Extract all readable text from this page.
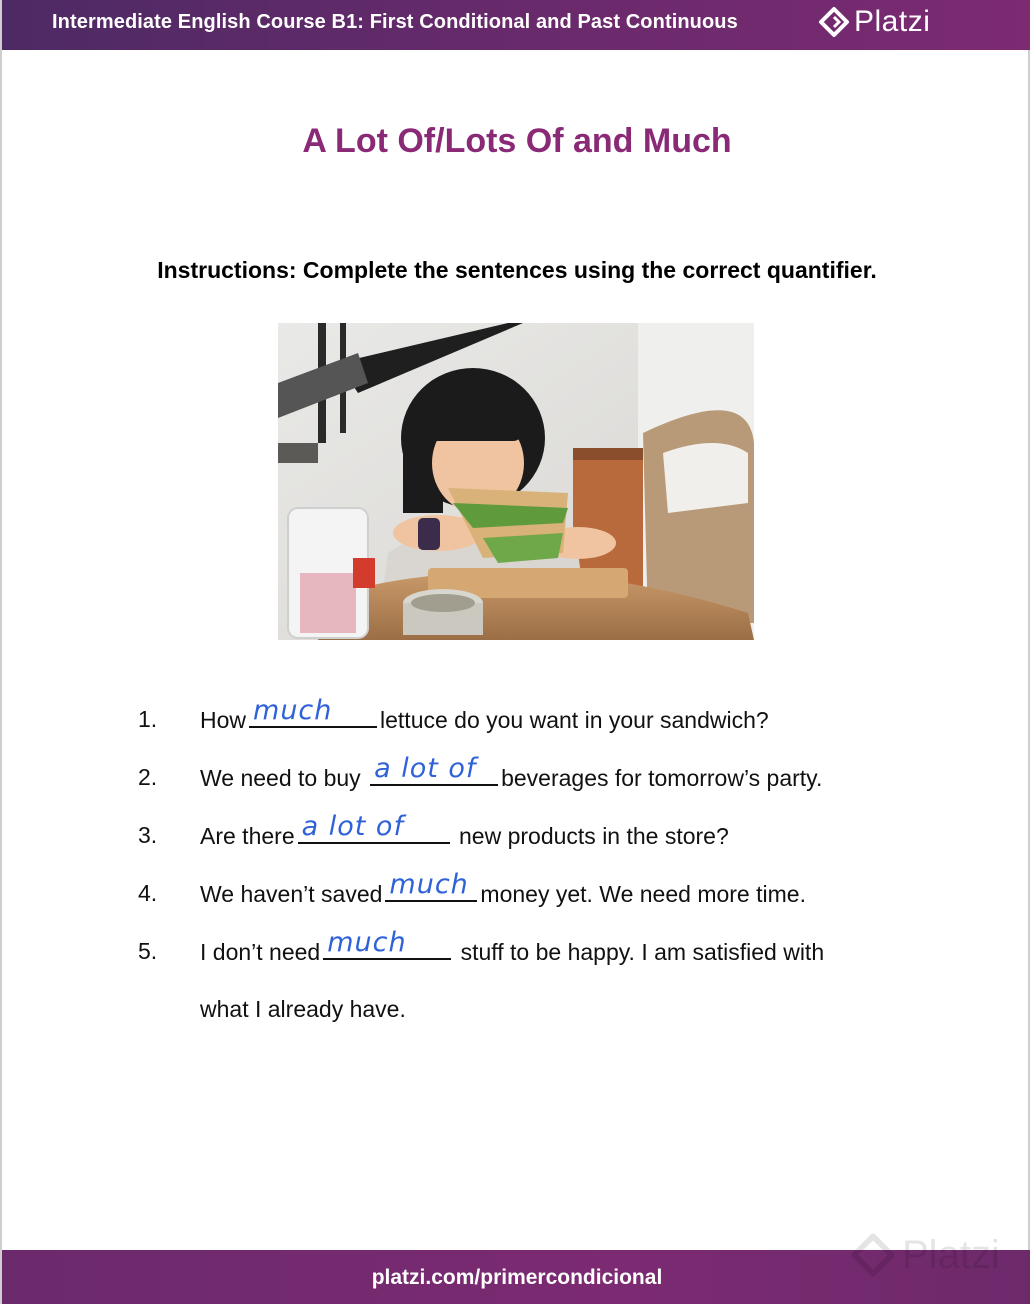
Intermediate English Course B1: First Conditional and Past Continuous	Platzi
A Lot Of/Lots Of and Much
Instructions: Complete the sentences using the correct quantifier.
1. How much lettuce do you want in your sandwich?
2. We need to buy a lot of beverages for tomorrow’s party.
3. Are there a lot of new products in the store?
4. We haven’t saved much money yet. We need more time.
5. I don’t need much stuff to be happy. I am satisfied with
what I already have.
platzi.com/primercondicional
Platzi
